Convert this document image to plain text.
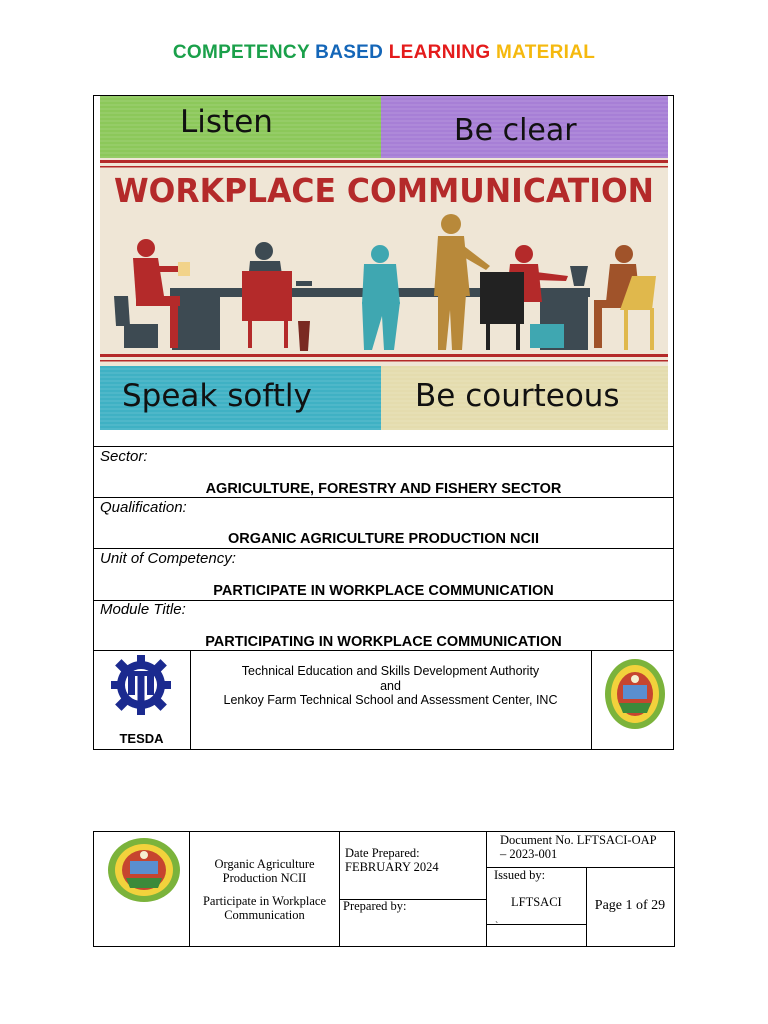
COMPETENCY BASED LEARNING MATERIAL
Listen	Be clear
WORKPLACE COMMUNICATION
Speak softly	Be courteous
Sector:
AGRICULTURE, FORESTRY AND FISHERY SECTOR
Qualification:
ORGANIC AGRICULTURE PRODUCTION NCII
Unit of Competency:
PARTICIPATE IN WORKPLACE COMMUNICATION
Module Title:
PARTICIPATING IN WORKPLACE COMMUNICATION
TESDA
Technical Education and Skills Development Authority
and
Lenkoy Farm Technical School and Assessment Center, INC
Organic Agriculture
Production NCII
Participate in Workplace
Communication
Date Prepared:
FEBRUARY 2024
Prepared by:
Document No. LFTSACI-OAP
– 2023-001
Issued by:
LFTSACI
`
Page 1 of 29
